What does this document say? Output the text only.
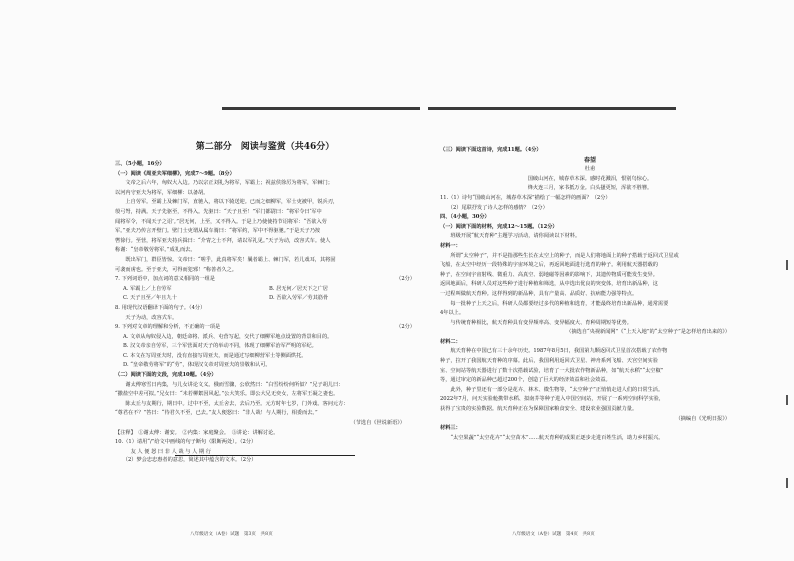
第二部分　阅读与鉴赏（共46分）
三、（5小题，16分）
（一）阅读《周亚夫军细柳》，完成7～9题。（8分）
　　文帝之后六年，匈奴大入边。乃以宗正刘礼为将军，军霸上；祝兹侯徐厉为将军，军棘门；
以河内守亚夫为将军，军细柳：以备胡。
　　上自劳军。至霸上及棘门军，直驰入，将以下骑送迎。已而之细柳军，军士吏被甲，锐兵刃，
彀弓弩，持满。天子先驱至，不得入。先驱曰：“天子且至！”军门都尉曰：“将军令曰‘军中
闻将军令，不闻天子之诏’。”居无何，上至，又不得入。于是上乃使使持节诏将军：“吾欲入劳
军。”亚夫乃传言开壁门。壁门士吏谓从属车骑曰：“将军约，军中不得驱驰。”于是天子乃按
辔徐行。至营，将军亚夫持兵揖曰：“介胄之士不拜，请以军礼见。”天子为动，改容式车。使人
称谢：“皇帝敬劳将军。”成礼而去。
　　既出军门，群臣皆惊。文帝曰：“嗟乎，此真将军矣！曩者霸上、棘门军，若儿戏耳，其将固
可袭而虏也。至于亚夫，可得而犯邪！”称善者久之。
7. 下列词语中，加点词的意义相同的一组是	（2分）
A. 军霸上／上自劳军	B. 居无何／居天下之广居
C. 天子且至／年且九十	D. 吾欲入劳军／劳其筋骨
8. 用现代汉语翻译下面的句子。（4分）
　　天子为动，改容式车。
9. 下列对文章的理解和分析，不正确的一项是	（2分）
A. 文章从匈奴侵入边，朝廷命将、派兵、屯营写起，交代了细柳军地点设置的背景和目的。
B. 汉文帝亲自劳军，三个军营面对天子的举动不同，体现了细柳军治军严明的军纪。
C. 本文在写周亚夫时，没有直接写周亚夫，而是通过写细柳营军士等侧面烘托。
D. “皇帝敬劳将军”的“劳”，体现汉文帝对周亚夫的崇敬和认可。
（二）阅读下面的文段，完成10题。（4分）
　　谢太傅寒雪日内集，与儿女讲论文义。俄而雪骤，公欣然曰：“白雪纷纷何所似？”兄子胡儿曰：
“撒盐空中差可拟。”兄女曰：“未若柳絮因风起。”公大笑乐。即公大兄无奕女，左将军王凝之妻也。
　　陈太丘与友期行，期日中。过中不至，太丘舍去，去后乃至。元方时年七岁，门外戏。客问元方：
“尊君在不？”答曰：“待君久不至，已去。”友人便怒曰：“非人哉！与人期行，相委而去。”
（节选自《世说新语》）
【注释】　①谢太傅：谢安。　②内集：家庭聚会。　③讲论：讲解讨论。
10.（1）请用“/”给文中画线的句子断句（限断两处）。（2分）
　　　友 人 便 怒 曰 非 人 哉 与 人 期 行
　　（2）梦会忠忠惠者的意思，简述其中蕴含的文本。（2分）
八年级语文（A卷）试题　第3页　共8页
（三）阅读下面这首诗，完成11题。（4分）
春望
杜甫
国破山河在，城春草木深。感时花溅泪，恨别鸟惊心。
烽火连三月，家书抵万金。白头搔更短，浑欲不胜簪。
11.（1）诗句“国破山河在，城春草木深”描绘了一幅怎样的画面？（2分）
　　（2）尾联抒发了诗人怎样的感情？（2分）
四、（4小题，30分）
（一）阅读下面的材料，完成12～15题。（12分）
　　班级开展“航天育种”主题学习活动，请你阅读以下材料。
材料一：
　　所谓“太空种子”，并不是指那些生长在太空上的种子，而是人们将地面上的种子搭载于返回式卫星或
飞船，在太空中经历一段特殊的宇宙环境之后，再返回地面进行选育的种子。利用航天器搭载的
种子，在空间宇宙射线、微重力、高真空、弱地磁等因素的影响下，其遗传物质可能发生变异。
返回地面后，科研人员对这些种子进行种植和筛选，从中选出优良的突变体，培育出新品种，这
一过程叫做航天育种。这样得到的新品种，具有产量高、品质好、抗病能力强等特点。
　　每一批种子上天之后，科研人员都要经过多代的种植和选育，才能最终培育出新品种，通常需要
4年以上。
　　与传统育种相比，航天育种具有变异频率高、变异幅度大、育种周期短等优势。
（摘选自“央视新闻网”《“上天入地”的“太空种子”是怎样培育出来的》）
材料二：
　　航天育种在中国已有三十余年历史。1987年8月5日，我国第九颗返回式卫星首次搭载了农作物
种子，拉开了我国航天育种的序幕。此后，我国利用返回式卫星、神舟系列飞船、天宫空间实验
室、空间站等航天器进行了数十次搭载试验，培育了一大批农作物新品种，如“航天水稻”“太空椒”
等，通过审定的新品种已超过200个，创造了巨大的经济效益和社会效益。
　　此外，种子里还有一部分是花卉、林木、微生物等，“太空种子”正悄悄走进人们的日常生活。
2022年7月，问天实验舱携带水稻、拟南芥等种子进入中国空间站，开展了一系列空间科学实验，
获得了宝贵的实验数据。航天育种正在为保障国家粮食安全、建设农业强国贡献力量。
（摘编自《光明日报》）
材料三：
　　“太空果蔬”“太空花卉”“太空苗木”……航天育种的成果正逐步走进百姓生活，助力乡村振兴。
八年级语文（A卷）试题　第4页　共8页
